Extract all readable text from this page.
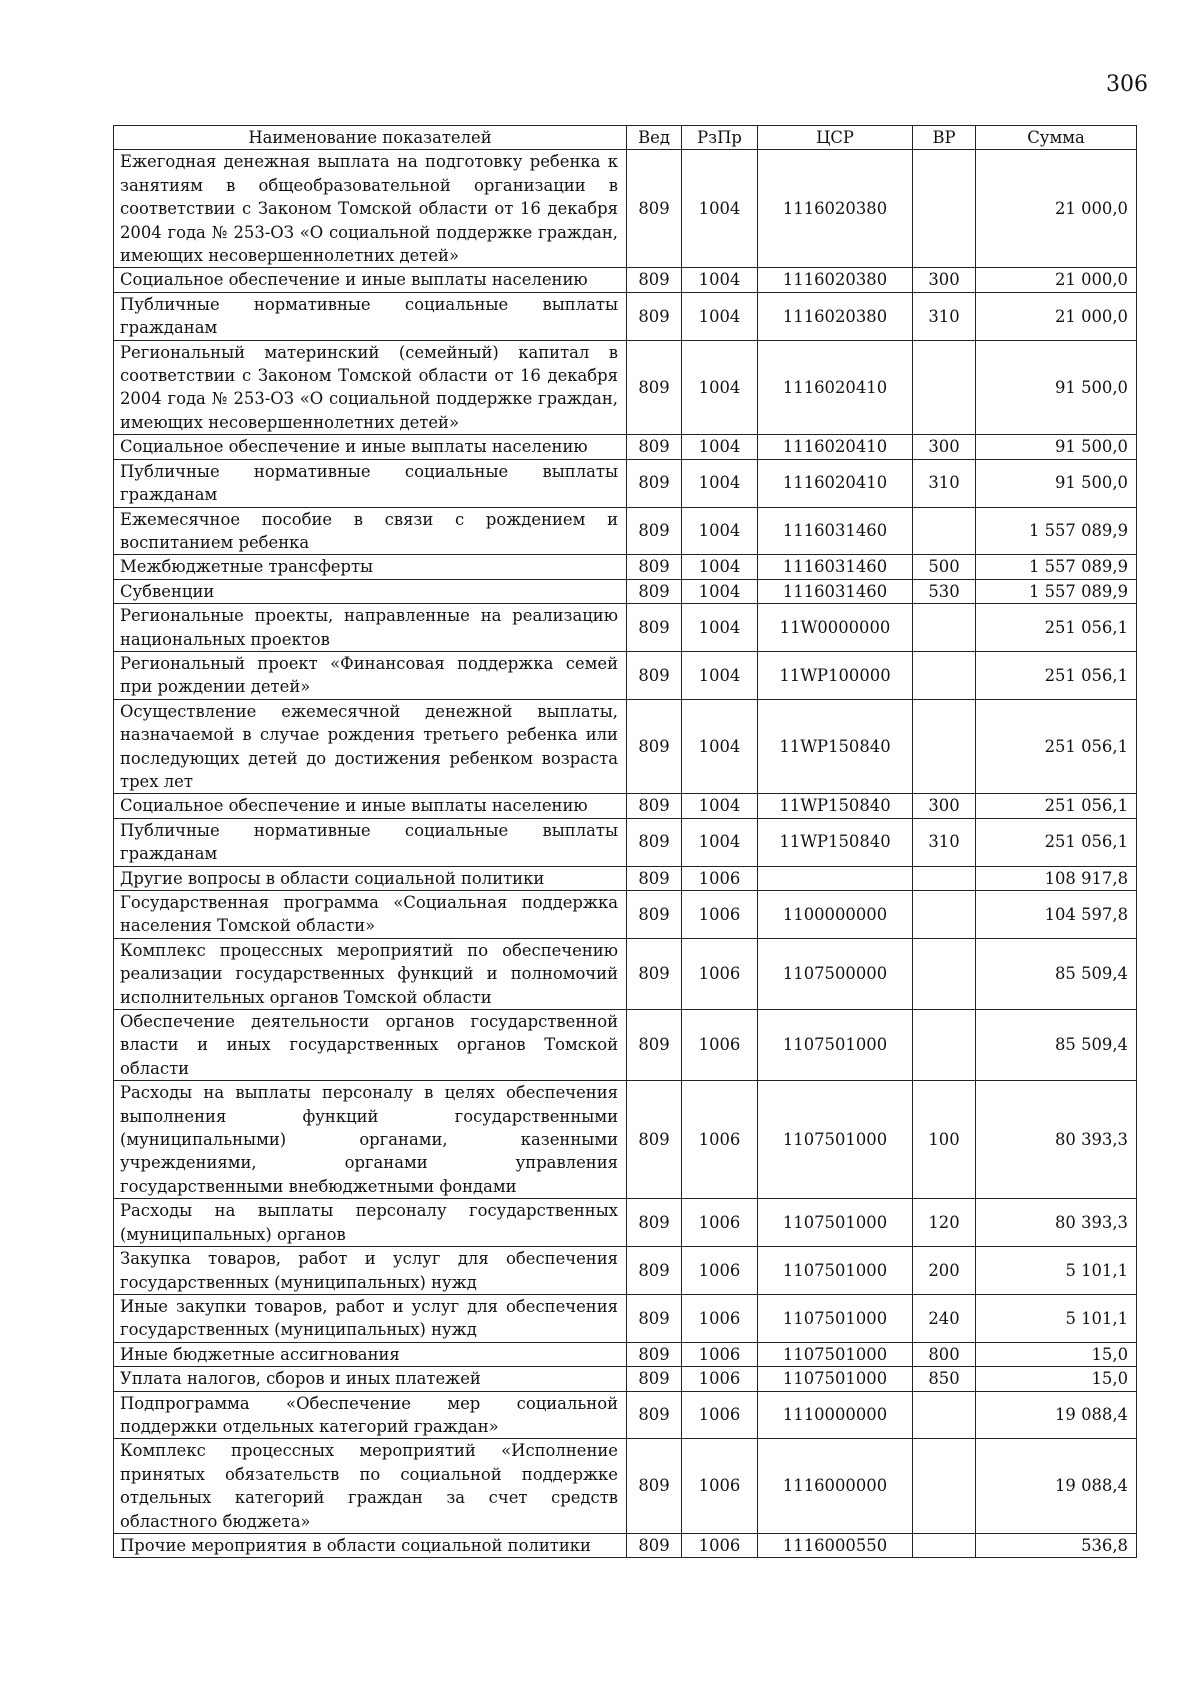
306
Наименование показателей	Вед	РзПр	ЦСР	ВР	Сумма
Ежегодная денежная выплата на подготовку ребенка к занятиям в общеобразовательной организации в соответствии с Законом Томской области от 16 декабря 2004 года № 253-ОЗ «О социальной поддержке граждан, имеющих несовершеннолетних детей»	809	1004	1116020380		21 000,0
Социальное обеспечение и иные выплаты населению	809	1004	1116020380	300	21 000,0
Публичные нормативные социальные выплаты гражданам	809	1004	1116020380	310	21 000,0
Региональный материнский (семейный) капитал в соответствии с Законом Томской области от 16 декабря 2004 года № 253-ОЗ «О социальной поддержке граждан, имеющих несовершеннолетних детей»	809	1004	1116020410		91 500,0
Социальное обеспечение и иные выплаты населению	809	1004	1116020410	300	91 500,0
Публичные нормативные социальные выплаты гражданам	809	1004	1116020410	310	91 500,0
Ежемесячное пособие в связи с рождением и воспитанием ребенка	809	1004	1116031460		1 557 089,9
Межбюджетные трансферты	809	1004	1116031460	500	1 557 089,9
Субвенции	809	1004	1116031460	530	1 557 089,9
Региональные проекты, направленные на реализацию национальных проектов	809	1004	11W0000000		251 056,1
Региональный проект «Финансовая поддержка семей при рождении детей»	809	1004	11WP100000		251 056,1
Осуществление ежемесячной денежной выплаты, назначаемой в случае рождения третьего ребенка или последующих детей до достижения ребенком возраста трех лет	809	1004	11WP150840		251 056,1
Социальное обеспечение и иные выплаты населению	809	1004	11WP150840	300	251 056,1
Публичные нормативные социальные выплаты гражданам	809	1004	11WP150840	310	251 056,1
Другие вопросы в области социальной политики	809	1006			108 917,8
Государственная программа «Социальная поддержка населения Томской области»	809	1006	1100000000		104 597,8
Комплекс процессных мероприятий по обеспечению реализации государственных функций и полномочий исполнительных органов Томской области	809	1006	1107500000		85 509,4
Обеспечение деятельности органов государственной власти и иных государственных органов Томской области	809	1006	1107501000		85 509,4
Расходы на выплаты персоналу в целях обеспечения выполнения функций государственными (муниципальными) органами, казенными учреждениями, органами управления государственными внебюджетными фондами	809	1006	1107501000	100	80 393,3
Расходы на выплаты персоналу государственных (муниципальных) органов	809	1006	1107501000	120	80 393,3
Закупка товаров, работ и услуг для обеспечения государственных (муниципальных) нужд	809	1006	1107501000	200	5 101,1
Иные закупки товаров, работ и услуг для обеспечения государственных (муниципальных) нужд	809	1006	1107501000	240	5 101,1
Иные бюджетные ассигнования	809	1006	1107501000	800	15,0
Уплата налогов, сборов и иных платежей	809	1006	1107501000	850	15,0
Подпрограмма «Обеспечение мер социальной поддержки отдельных категорий граждан»	809	1006	1110000000		19 088,4
Комплекс процессных мероприятий «Исполнение принятых обязательств по социальной поддержке отдельных категорий граждан за счет средств областного бюджета»	809	1006	1116000000		19 088,4
Прочие мероприятия в области социальной политики	809	1006	1116000550		536,8
